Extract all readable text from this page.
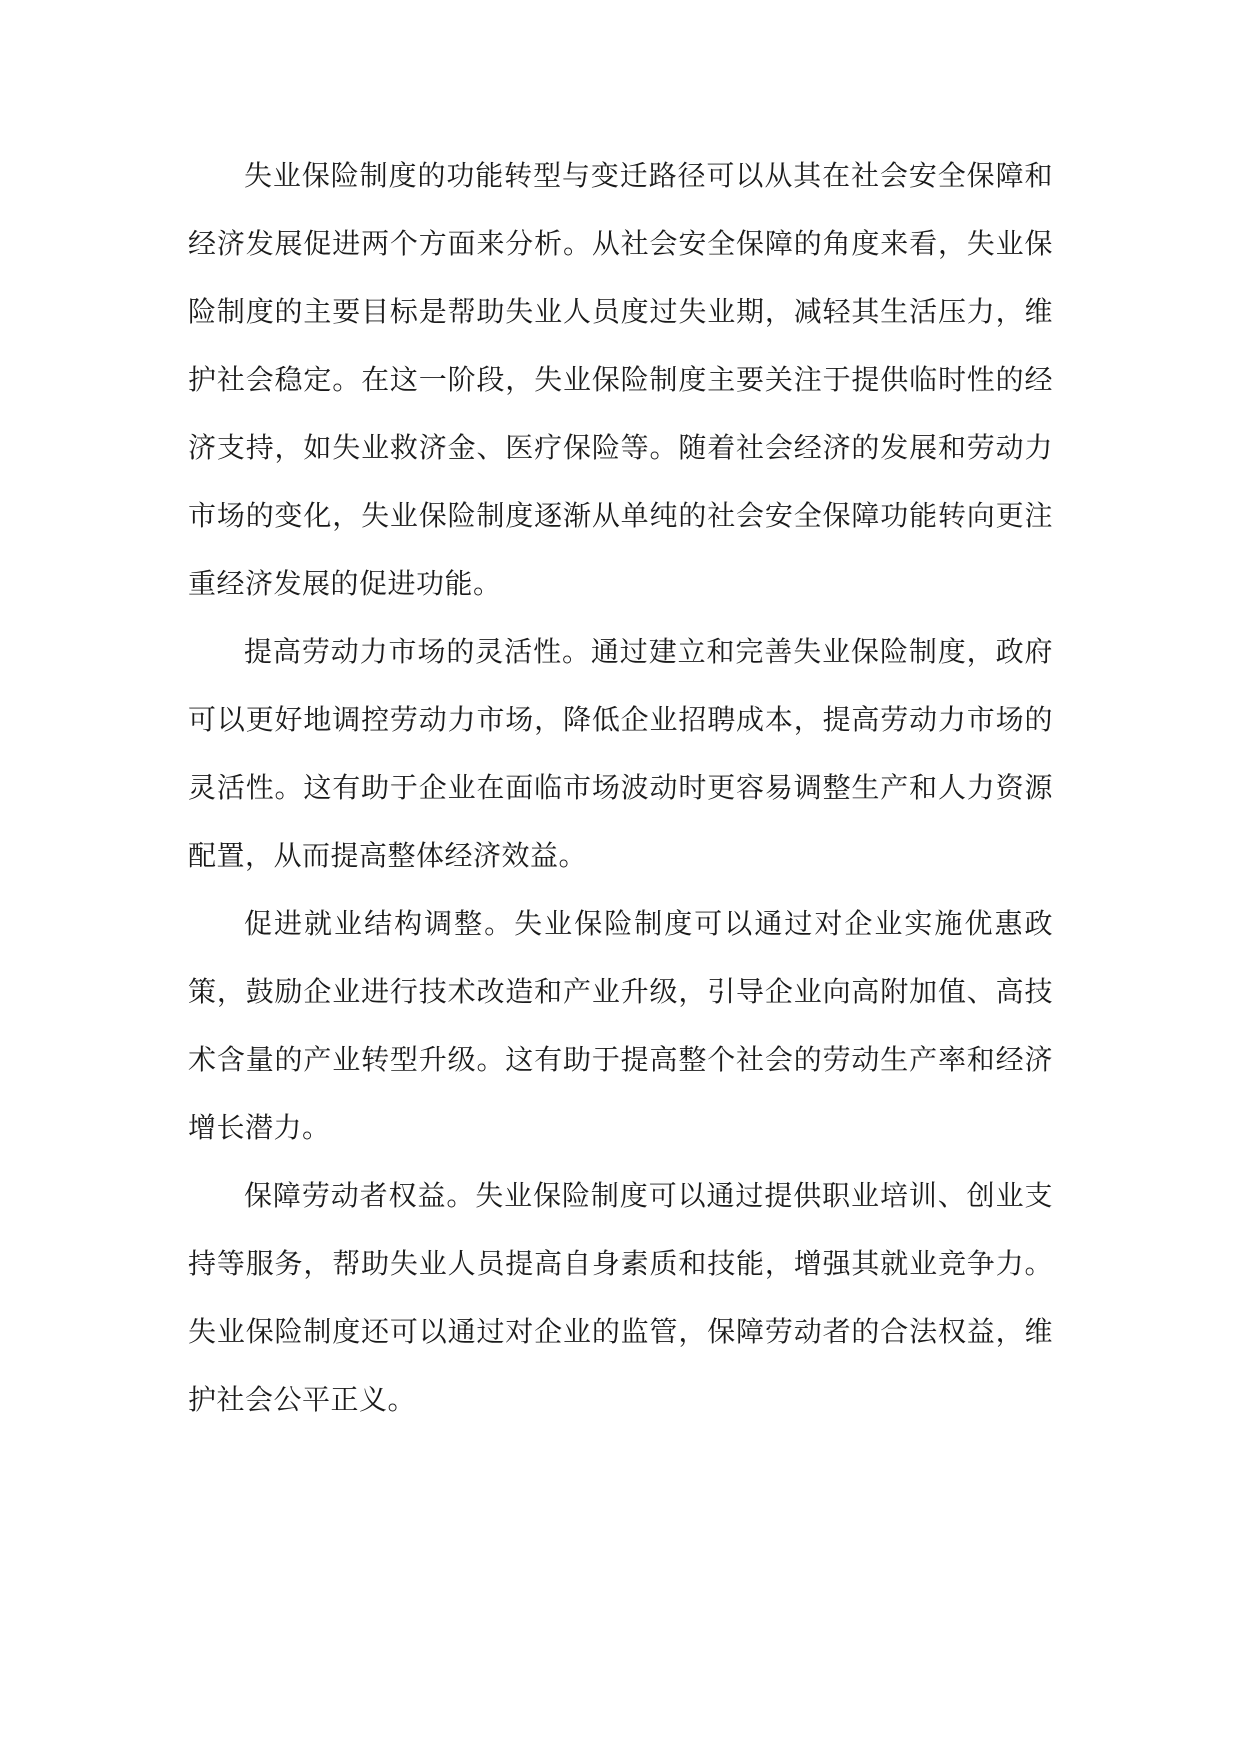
失业保险制度的功能转型与变迁路径可以从其在社会安全保障和经济发展促进两个方面来分析。从社会安全保障的角度来看，失业保险制度的主要目标是帮助失业人员度过失业期，减轻其生活压力，维护社会稳定。在这一阶段，失业保险制度主要关注于提供临时性的经济支持，如失业救济金、医疗保险等。随着社会经济的发展和劳动力市场的变化，失业保险制度逐渐从单纯的社会安全保障功能转向更注重经济发展的促进功能。

提高劳动力市场的灵活性。通过建立和完善失业保险制度，政府可以更好地调控劳动力市场，降低企业招聘成本，提高劳动力市场的灵活性。这有助于企业在面临市场波动时更容易调整生产和人力资源配置，从而提高整体经济效益。

促进就业结构调整。失业保险制度可以通过对企业实施优惠政策，鼓励企业进行技术改造和产业升级，引导企业向高附加值、高技术含量的产业转型升级。这有助于提高整个社会的劳动生产率和经济增长潜力。

保障劳动者权益。失业保险制度可以通过提供职业培训、创业支持等服务，帮助失业人员提高自身素质和技能，增强其就业竞争力。失业保险制度还可以通过对企业的监管，保障劳动者的合法权益，维护社会公平正义。
